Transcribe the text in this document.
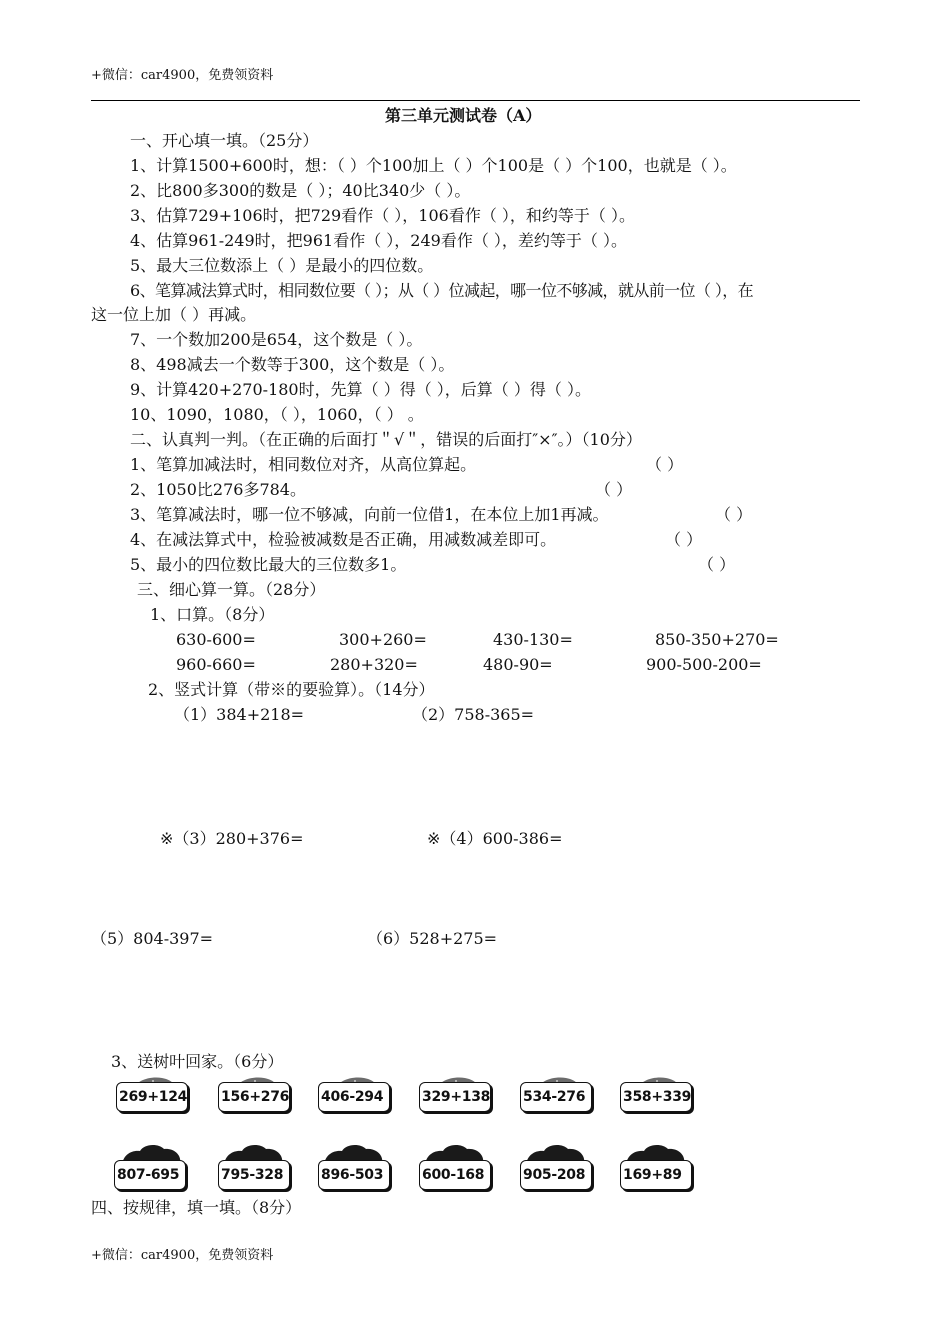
+微信：car4900，免费领资料
第三单元测试卷（A）
一、开心填一填。（25分）
1、计算1500+600时，想：（ ）个100加上（ ）个100是（ ）个100，也就是（ ）。
2、比800多300的数是（ ）；40比340少（ ）。
3、估算729+106时，把729看作（ ），106看作（ ），和约等于（ ）。
4、估算961-249时，把961看作（ ），249看作（ ），差约等于（ ）。
5、最大三位数添上（ ）是最小的四位数。
6、笔算减法算式时，相同数位要（ ）；从（ ）位减起，哪一位不够减，就从前一位（ ），在
这一位上加（ ）再减。
7、一个数加200是654，这个数是（ ）。
8、498减去一个数等于300，这个数是（ ）。
9、计算420+270-180时，先算（ ）得（ ），后算（ ）得（ ）。
10、1090，1080，（ ），1060，（ ） 。
二、认真判一判。（在正确的后面打＂√＂，错误的后面打″×″。）（10分）
1、笔算加减法时，相同数位对齐，从高位算起。	（ ）
2、1050比276多784。	（ ）
3、笔算减法时，哪一位不够减，向前一位借1，在本位上加1再减。	（ ）
4、在减法算式中，检验被减数是否正确，用减数减差即可。	（ ）
5、最小的四位数比最大的三位数多1。	（ ）
三、细心算一算。（28分）
1、口算。（8分）
630-600=	300+260=	430-130=	850-350+270=
960-660=	280+320=	480-90=	900-500-200=
2、竖式计算（带※的要验算）。（14分）
（1）384+218=	（2）758-365=
※（3）280+376=	※（4）600-386=
（5）804-397=	（6）528+275=
3、送树叶回家。（6分）
269+124 156+276 406-294	329+138 534-276	358+339
807-695	795-328	896-503	600-168	905-208	169+89
四、按规律，填一填。（8分）
+微信：car4900，免费领资料
